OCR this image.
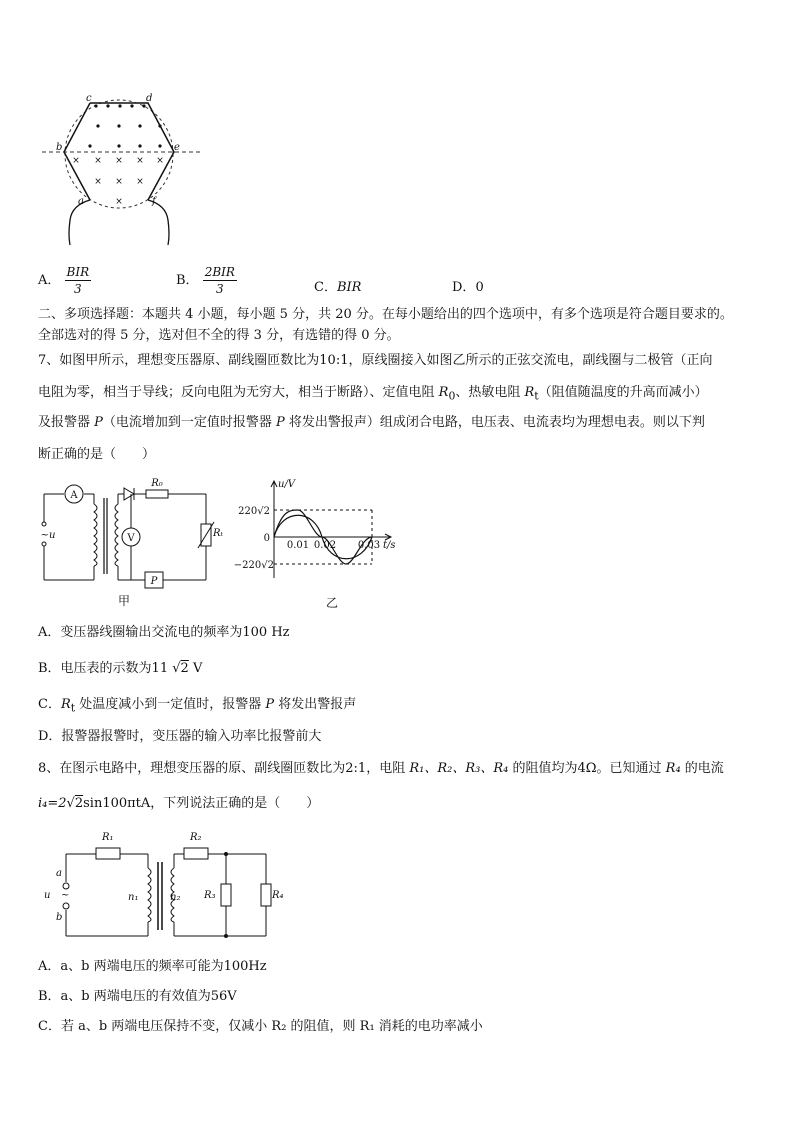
× × × × ×
× × ×
×
c	d
b	e
a	f
A． $\frac{\text{BIR}}{3}$	B． $\frac{\text{2BIR}}{3}$	C．BIR	D．0
二、多项选择题：本题共 4 小题，每小题 5 分，共 20 分。在每小题给出的四个选项中，有多个选项是符合题目要求的。
全部选对的得 5 分，选对但不全的得 3 分，有选错的得 0 分。
7、如图甲所示，理想变压器原、副线圈匝数比为10:1，原线圈接入如图乙所示的正弦交流电，副线圈与二极管（正向
电阻为零，相当于导线；反向电阻为无穷大，相当于断路）、定值电阻 $R_0$、热敏电阻 $R_t$（阻值随温度的升高而减小）
及报警器 P（电流增加到一定值时报警器 P 将发出警报声）组成闭合电路，电压表、电流表均为理想电表。则以下判
断正确的是（　　）
A
V
P
R₀
Rₜ
~u
甲
u/V
220√2
0
−220√2
0.01 0.02 0.03 t/s
乙
A．变压器线圈输出交流电的频率为100 Hz
B．电压表的示数为11 √2 V
C．$R_t$ 处温度减小到一定值时，报警器 P 将发出警报声
D．报警器报警时，变压器的输入功率比报警前大
8、在图示电路中，理想变压器的原、副线圈匝数比为2:1，电阻 R₁、R₂、R₃、R₄ 的阻值均为4Ω。已知通过 R₄ 的电流
i₄=2√2sin100πtA，下列说法正确的是（　　）
R₁	R₂
R₃	R₄
n₁	n₂
a
b
u ~
A．a、b 两端电压的频率可能为100Hz
B．a、b 两端电压的有效值为56V
C．若 a、b 两端电压保持不变，仅减小 R₂ 的阻值，则 R₁ 消耗的电功率减小
